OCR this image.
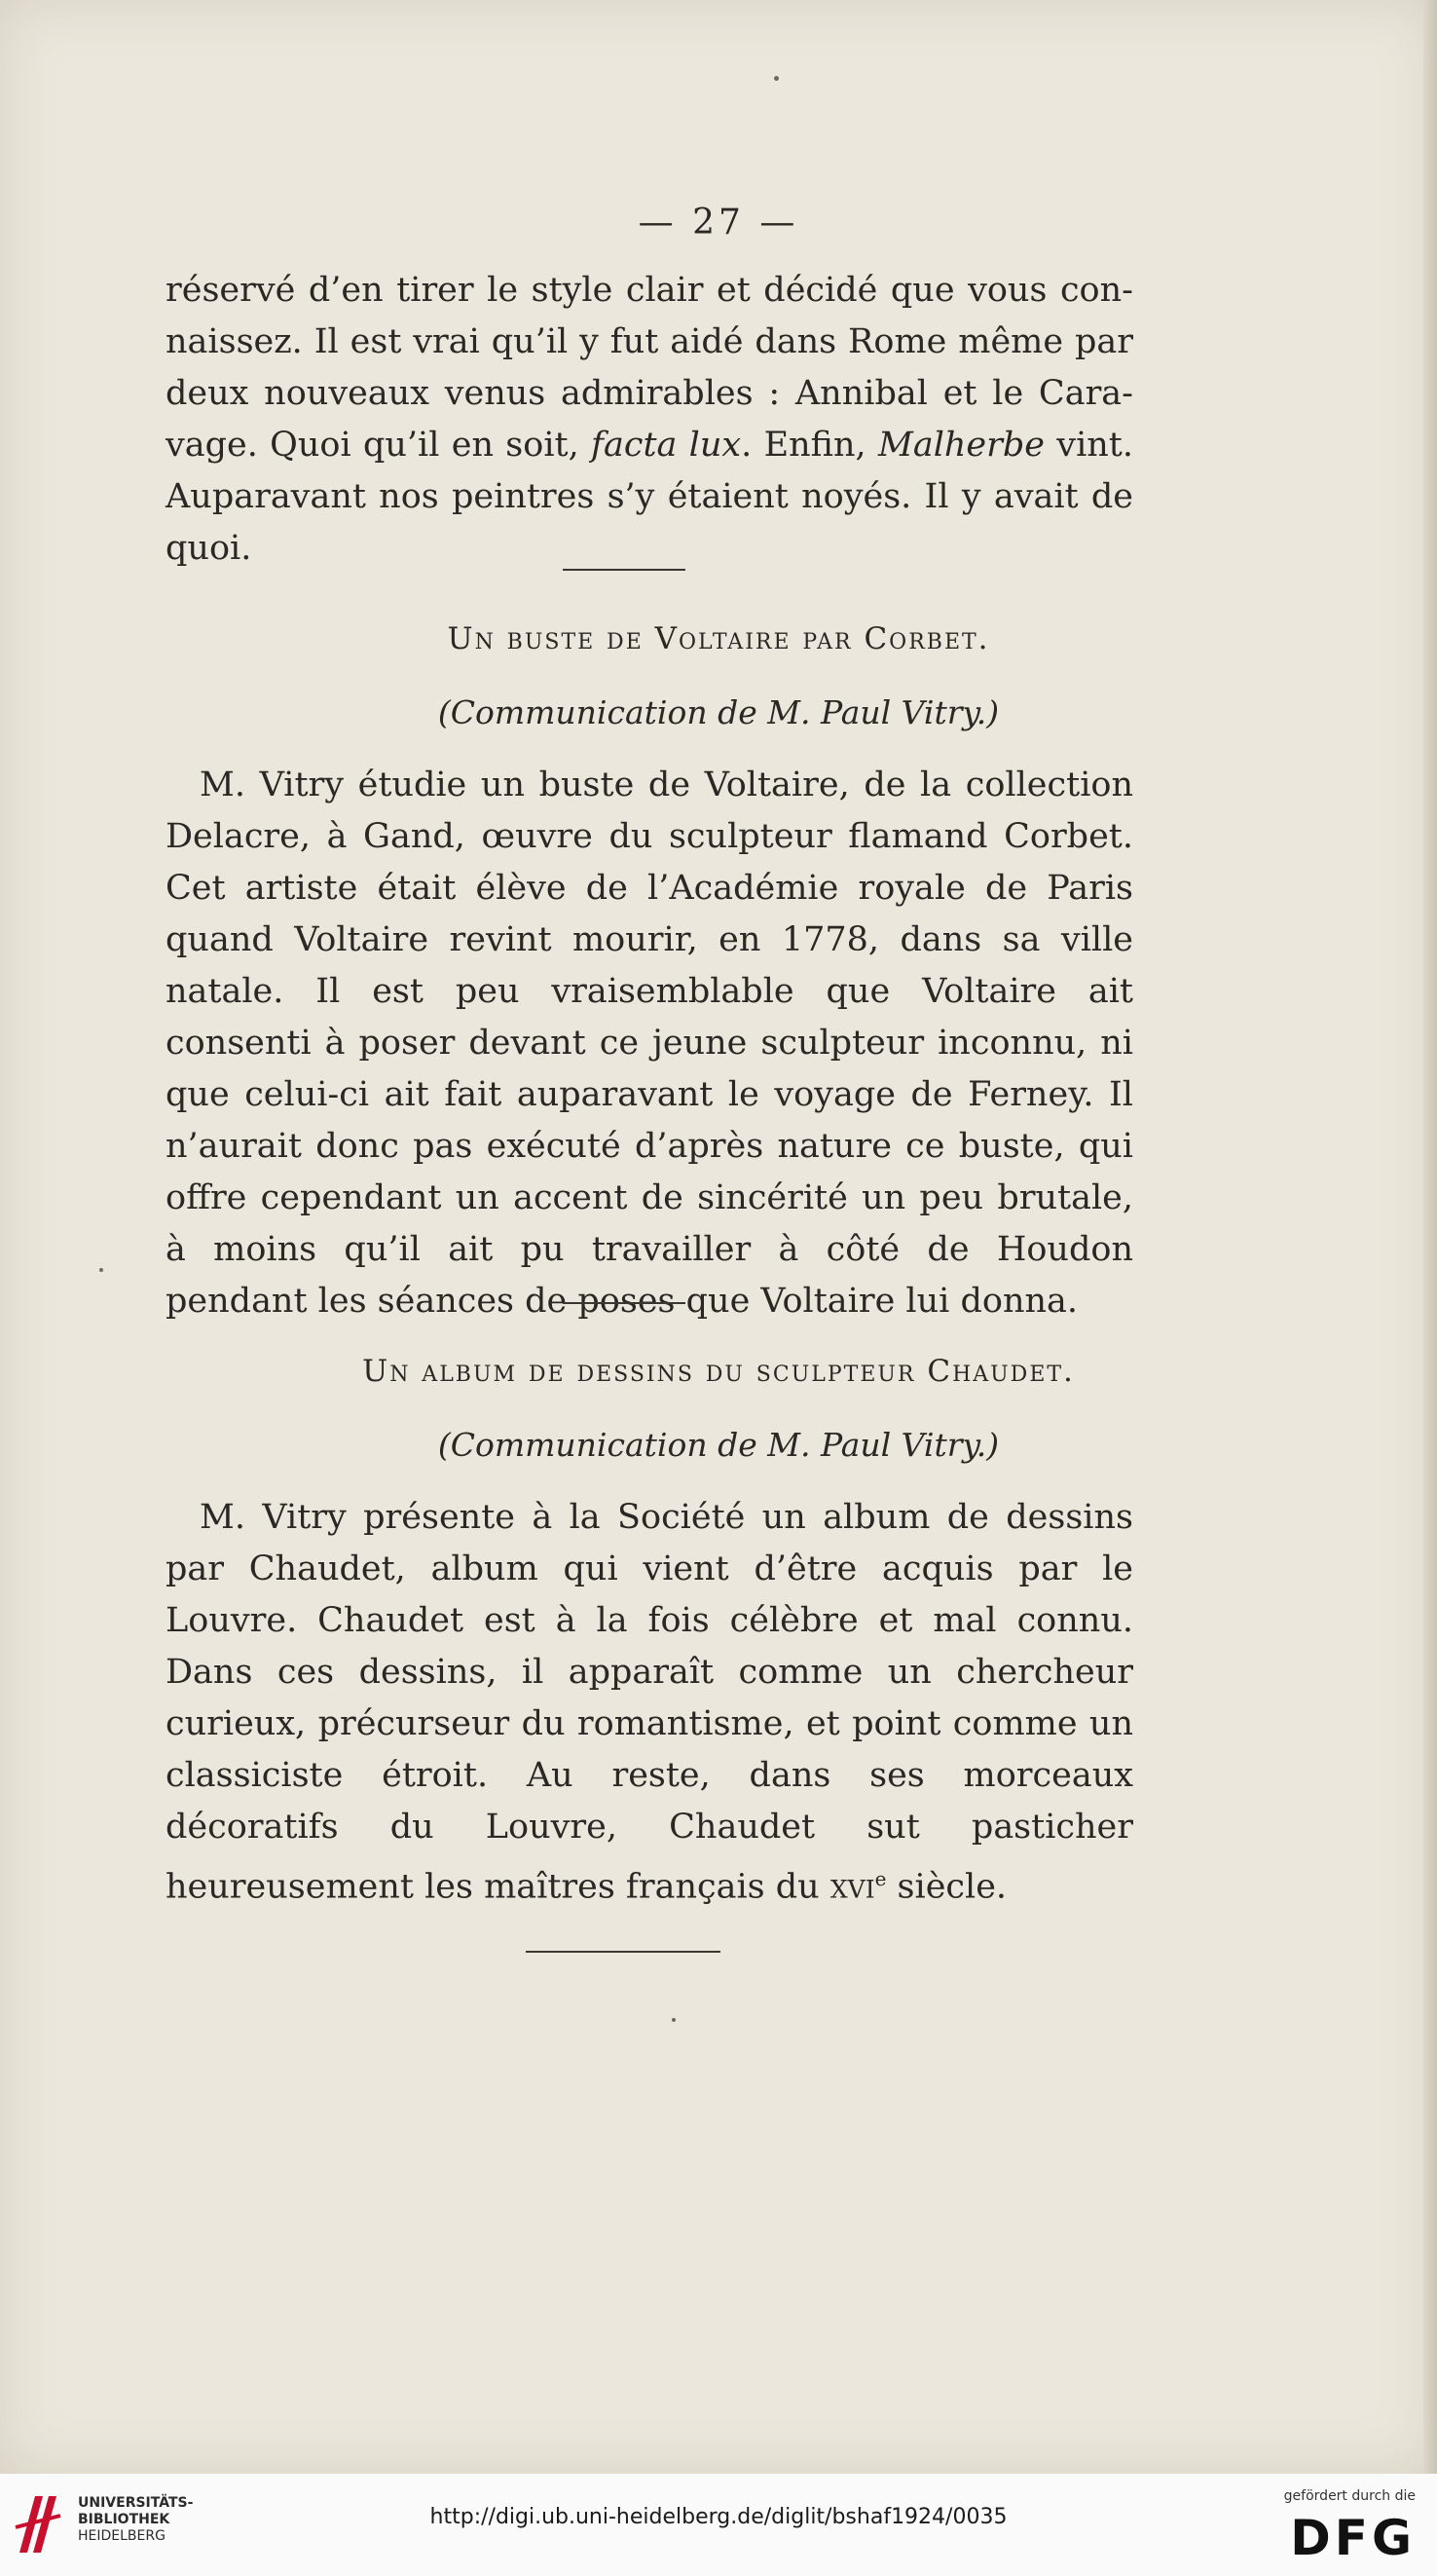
— 27 —

réservé d’en tirer le style clair et décidé que vous connaissez. Il est vrai qu’il y fut aidé dans Rome même par deux nouveaux venus admirables : Annibal et le Caravage. Quoi qu’il en soit, facta lux. Enfin, Malherbe vint. Auparavant nos peintres s’y étaient noyés. Il y avait de quoi.

Un buste de Voltaire par Corbet.
(Communication de M. Paul Vitry.)

M. Vitry étudie un buste de Voltaire, de la collection Delacre, à Gand, œuvre du sculpteur flamand Corbet. Cet artiste était élève de l’Académie royale de Paris quand Voltaire revint mourir, en 1778, dans sa ville natale. Il est peu vraisemblable que Voltaire ait consenti à poser devant ce jeune sculpteur inconnu, ni que celui-ci ait fait auparavant le voyage de Ferney. Il n’aurait donc pas exécuté d’après nature ce buste, qui offre cependant un accent de sincérité un peu brutale, à moins qu’il ait pu travailler à côté de Houdon pendant les séances de poses que Voltaire lui donna.

Un album de dessins du sculpteur Chaudet.
(Communication de M. Paul Vitry.)

M. Vitry présente à la Société un album de dessins par Chaudet, album qui vient d’être acquis par le Louvre. Chaudet est à la fois célèbre et mal connu. Dans ces dessins, il apparaît comme un chercheur curieux, précurseur du romantisme, et point comme un classiciste étroit. Au reste, dans ses morceaux décoratifs du Louvre, Chaudet sut pasticher heureusement les maîtres français du xvi$^e$ siècle.

UNIVERSITÄTS-
BIBLIOTHEK
HEIDELBERG
http://digi.ub.uni-heidelberg.de/diglit/bshaf1924/0035
gefördert durch die
DFG
